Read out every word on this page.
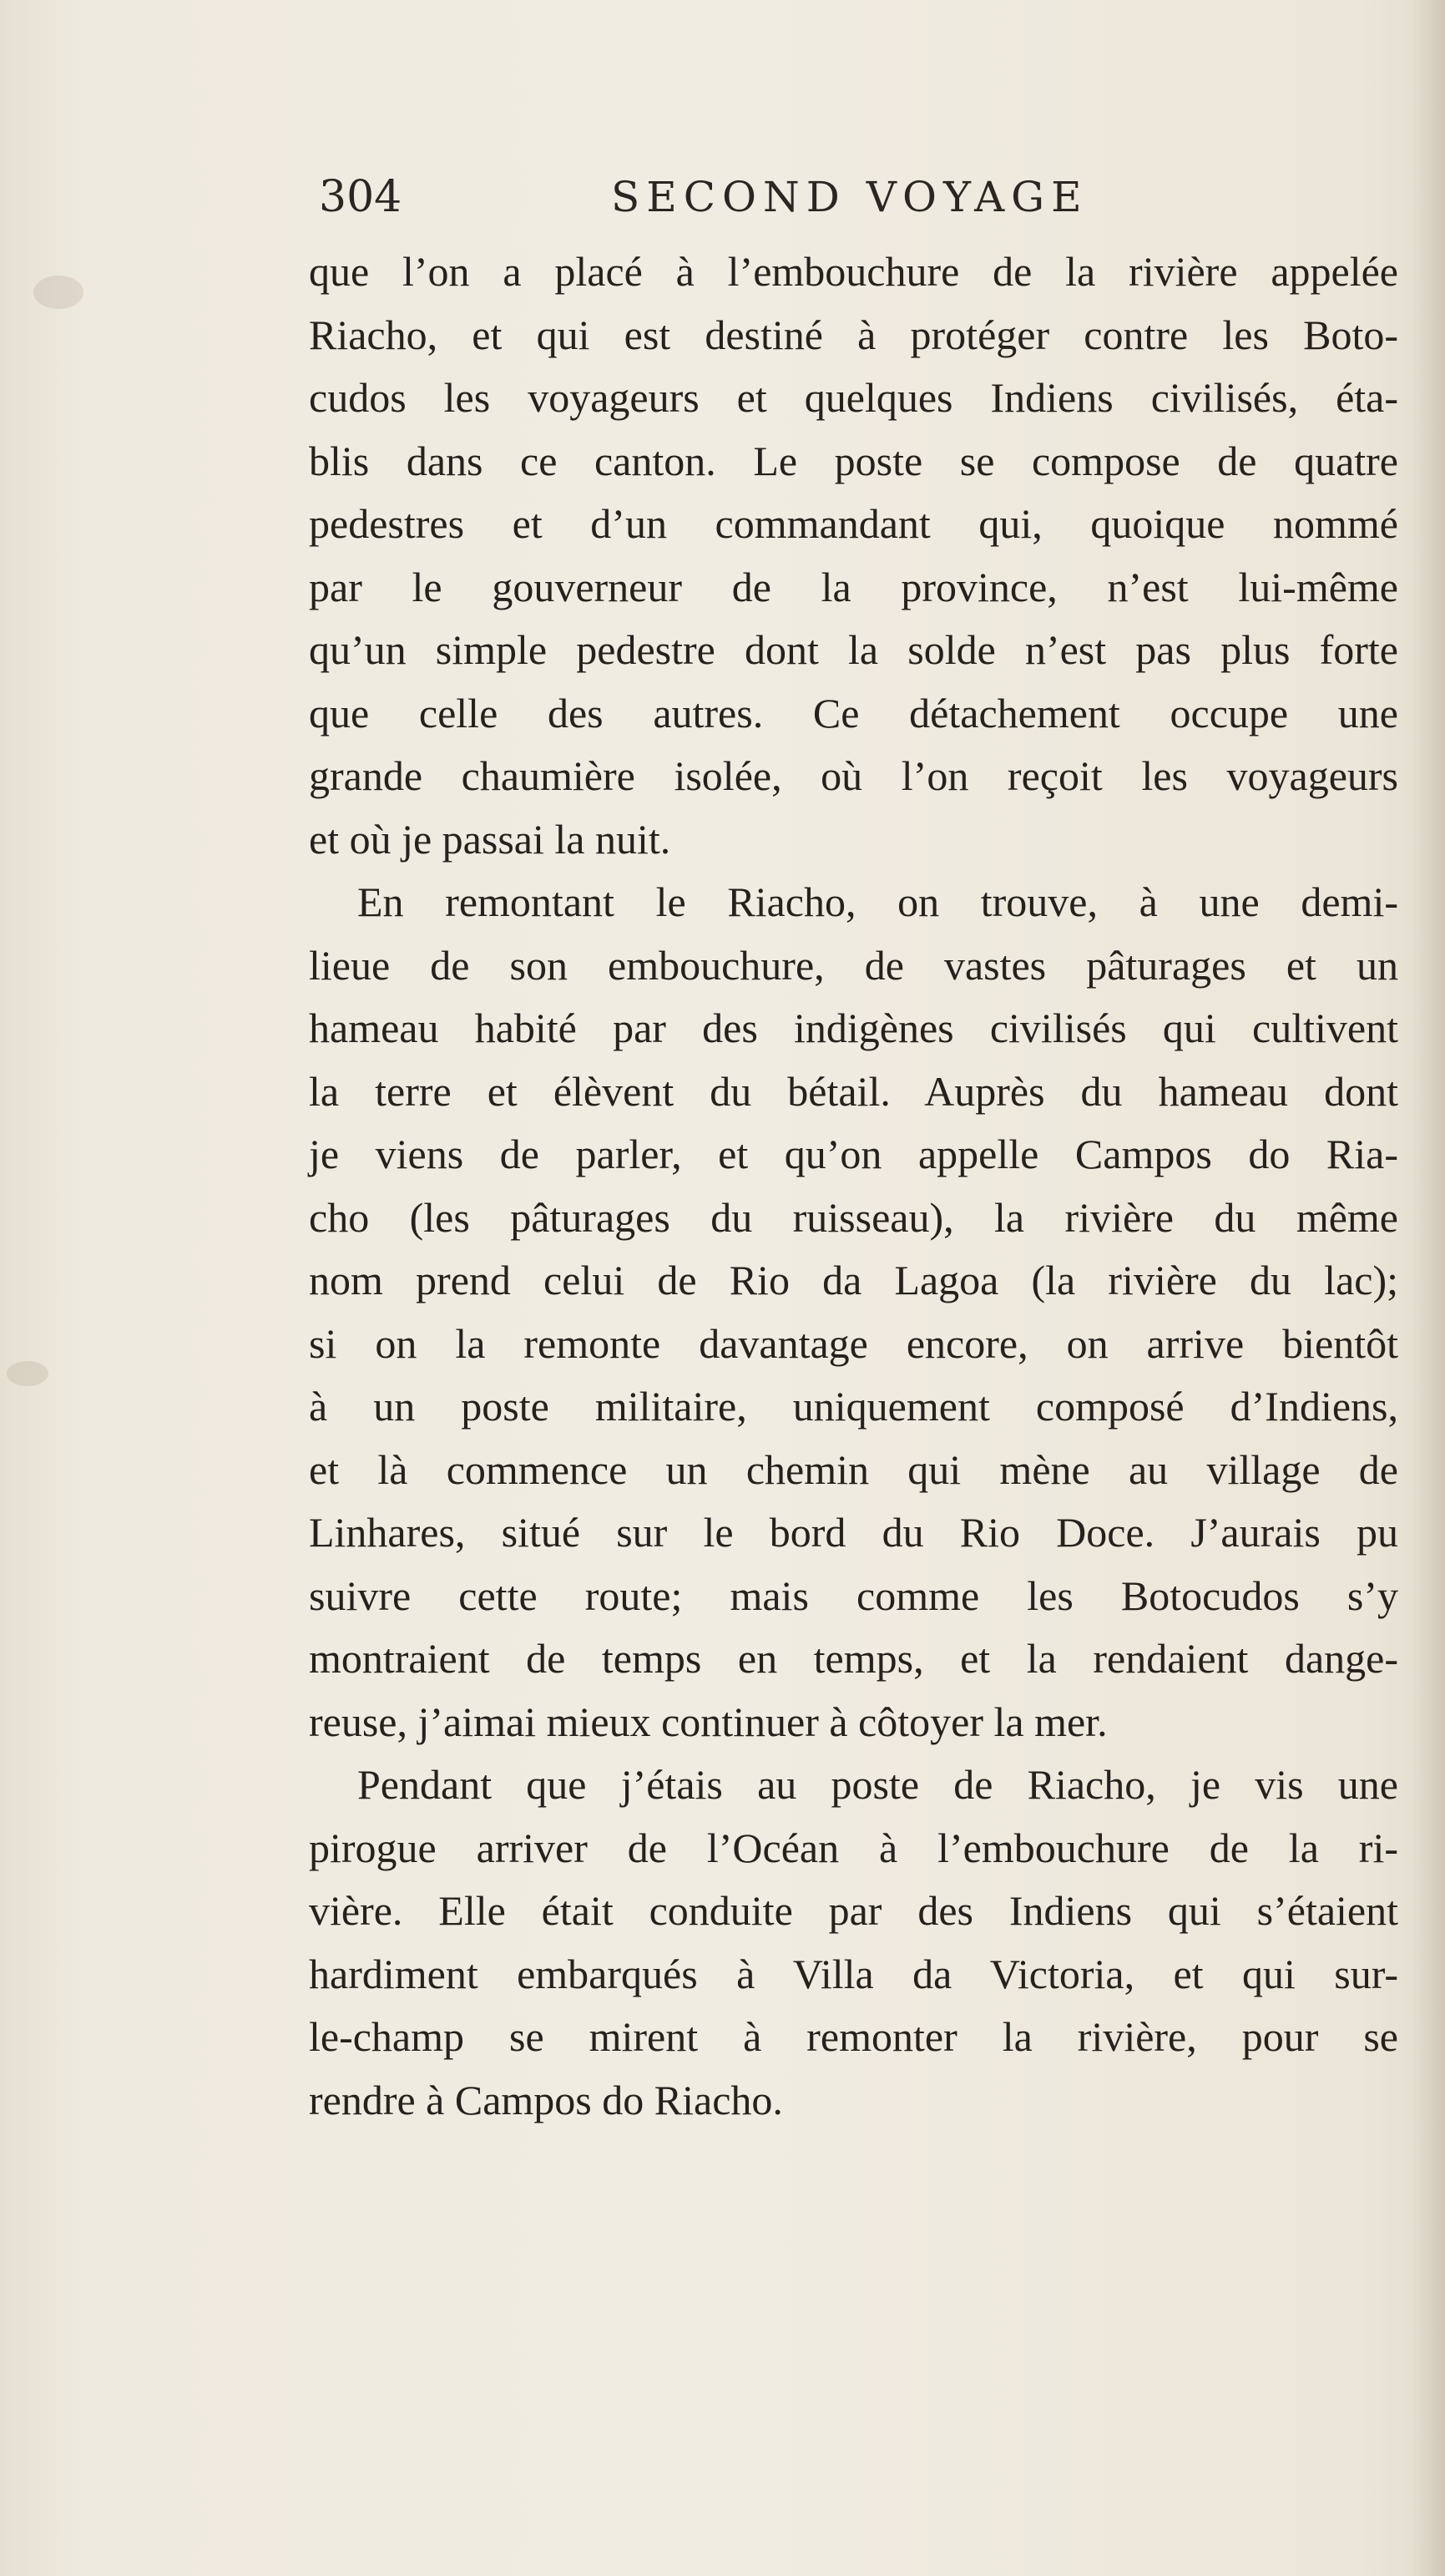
304	SECOND VOYAGE
que l’on a placé à l’embouchure de la rivière appelée
Riacho, et qui est destiné à protéger contre les Boto-
cudos les voyageurs et quelques Indiens civilisés, éta-
blis dans ce canton. Le poste se compose de quatre
pedestres et d’un commandant qui, quoique nommé
par le gouverneur de la province, n’est lui-même
qu’un simple pedestre dont la solde n’est pas plus forte
que celle des autres. Ce détachement occupe une
grande chaumière isolée, où l’on reçoit les voyageurs
et où je passai la nuit.
En remontant le Riacho, on trouve, à une demi-
lieue de son embouchure, de vastes pâturages et un
hameau habité par des indigènes civilisés qui cultivent
la terre et élèvent du bétail. Auprès du hameau dont
je viens de parler, et qu’on appelle Campos do Ria-
cho (les pâturages du ruisseau), la rivière du même
nom prend celui de Rio da Lagoa (la rivière du lac);
si on la remonte davantage encore, on arrive bientôt
à un poste militaire, uniquement composé d’Indiens,
et là commence un chemin qui mène au village de
Linhares, situé sur le bord du Rio Doce. J’aurais pu
suivre cette route; mais comme les Botocudos s’y
montraient de temps en temps, et la rendaient dange-
reuse, j’aimai mieux continuer à côtoyer la mer.
Pendant que j’étais au poste de Riacho, je vis une
pirogue arriver de l’Océan à l’embouchure de la ri-
vière. Elle était conduite par des Indiens qui s’étaient
hardiment embarqués à Villa da Victoria, et qui sur-
le-champ se mirent à remonter la rivière, pour se
rendre à Campos do Riacho.
